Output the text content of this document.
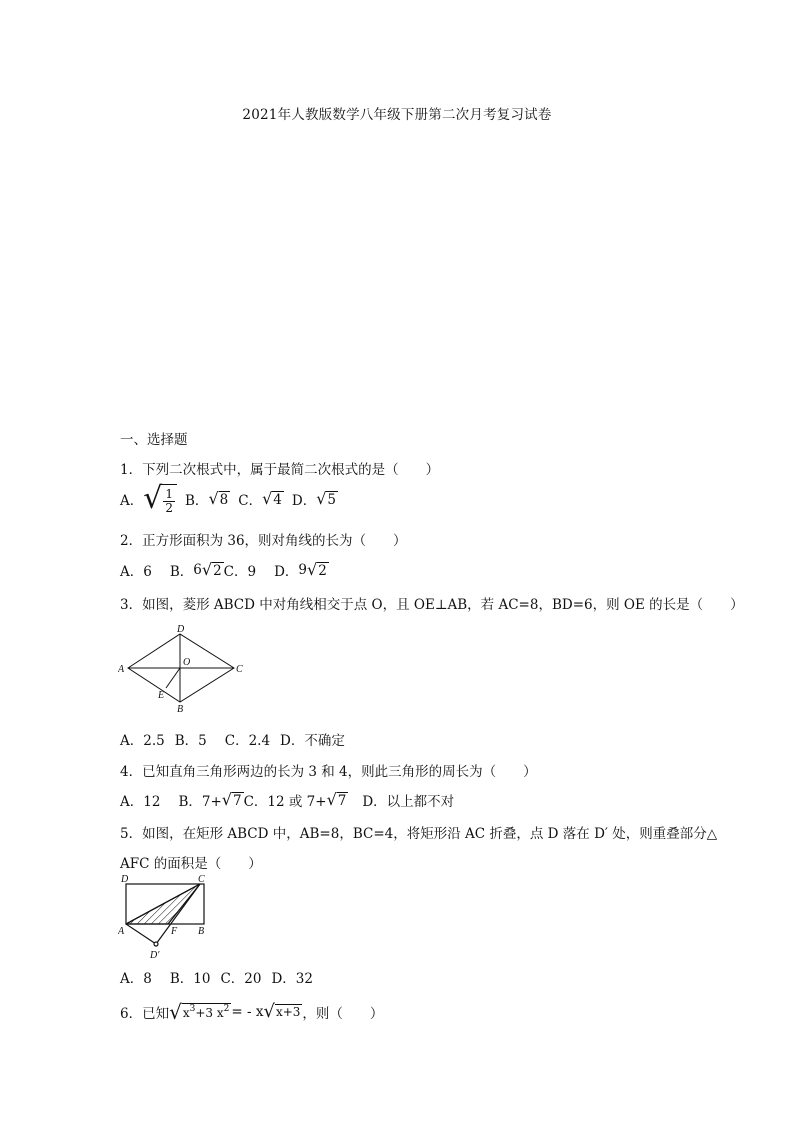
2021年人教版数学八年级下册第二次月考复习试卷
一、选择题
1．下列二次根式中，属于最简二次根式的是（　　）
A． √ $\frac{1}{2}$ B． √ 8 C． √ 4 D． √ 5
2．正方形面积为 36，则对角线的长为（　　）
A．6 B． 6 √ 2 C．9 D． 9 √ 2
3．如图，菱形 ABCD 中对角线相交于点 O，且 OE⊥AB，若 AC=8，BD=6，则 OE 的长是（　　）
D
A	C
O
E
B
A．2.5 B．5 C．2.4 D．不确定
4．已知直角三角形两边的长为 3 和 4，则此三角形的周长为（　　）
A．12 B．7+ √ 7 C．12 或 7+ √ 7 D．以上都不对
5．如图，在矩形 ABCD 中，AB=8，BC=4，将矩形沿 AC 折叠，点 D 落在 D′ 处，则重叠部分△
AFC 的面积是（　　）
D	C
A	F B
D′
A．8 B．10 C．20 D．32
6．已知 √ $x^3+3$ $x^2$ = - x √ x+3 ，则（　　）
